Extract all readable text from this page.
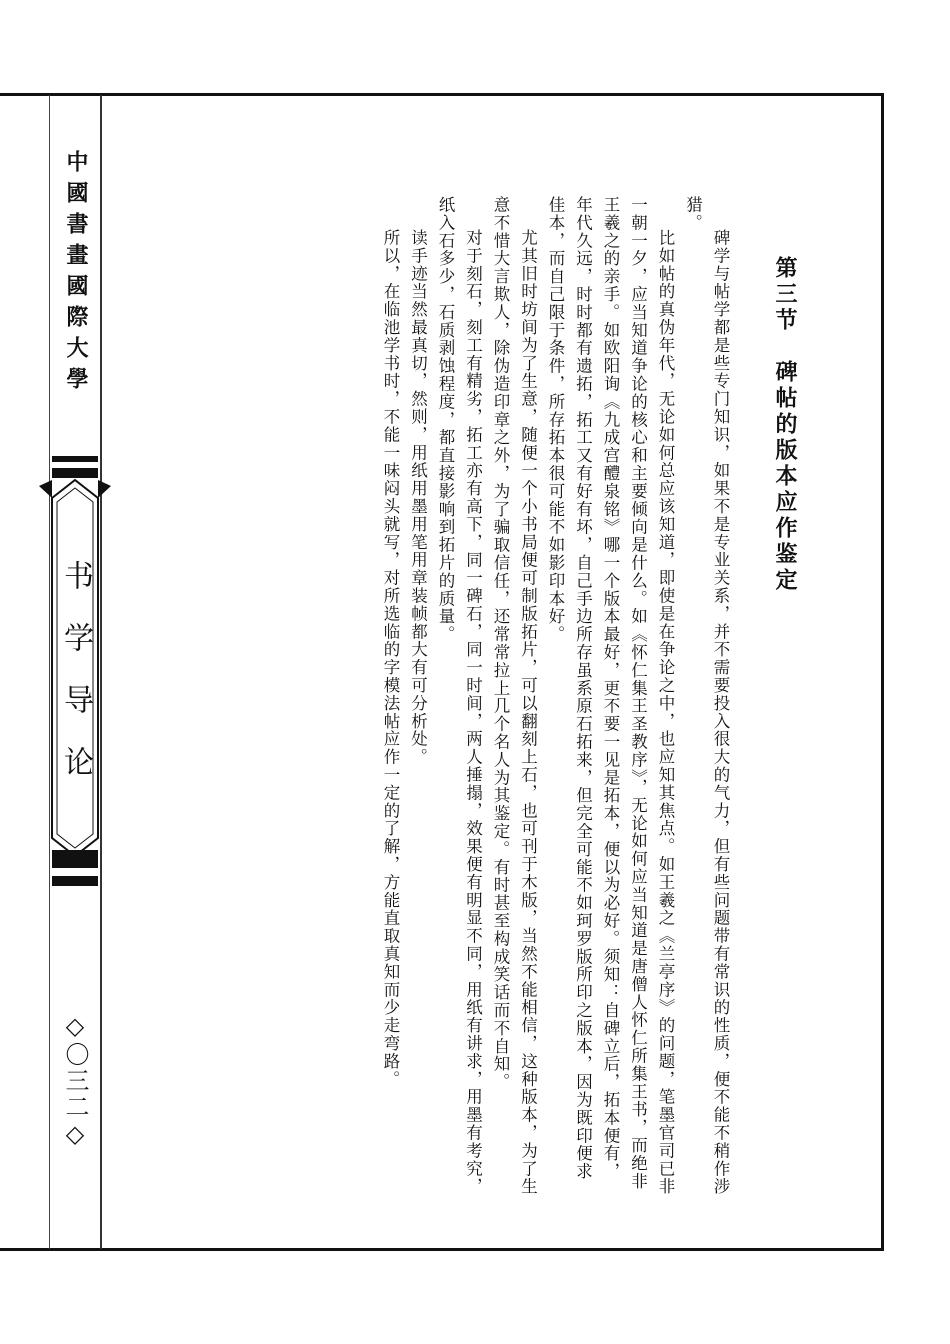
中國書畫國際大學
书学导论
◇〇三二◇
第三节　碑帖的版本应作鉴定

碑学与帖学都是些专门知识，如果不是专业关系，并不需要投入很大的气力，但有些问题带有常识的性质，便不能不稍作涉猎。

比如帖的真伪年代，无论如何总应该知道，即使是在争论之中，也应知其焦点。如王羲之《兰亭序》的问题，笔墨官司已非一朝一夕，应当知道争论的核心和主要倾向是什么。如《怀仁集王圣教序》，无论如何应当知道是唐僧人怀仁所集王书，而绝非王羲之的亲手。如欧阳询《九成宫醴泉铭》哪一个版本最好，更不要一见是拓本，便以为必好。须知：自碑立后，拓本便有，年代久远，时时都有遗拓，拓工又有好有坏，自己手边所存虽系原石拓来，但完全可能不如珂罗版所印之版本，因为既印便求佳本，而自己限于条件，所存拓本很可能不如影印本好。

尤其旧时坊间为了生意，随便一个小书局便可制版拓片，可以翻刻上石，也可刊于木版，当然不能相信，这种版本，为了生意不惜大言欺人，除伪造印章之外，为了骗取信任，还常常拉上几个名人为其鉴定。有时甚至构成笑话而不自知。

对于刻石，刻工有精劣，拓工亦有高下，同一碑石，同一时间，两人捶搨，效果便有明显不同，用纸有讲求，用墨有考究，纸入石多少，石质剥蚀程度，都直接影响到拓片的质量。

读手迹当然最真切，然则，用纸用墨用笔用章装帧都大有可分析处。

所以，在临池学书时，不能一味闷头就写，对所选临的字模法帖应作一定的了解，方能直取真知而少走弯路。
